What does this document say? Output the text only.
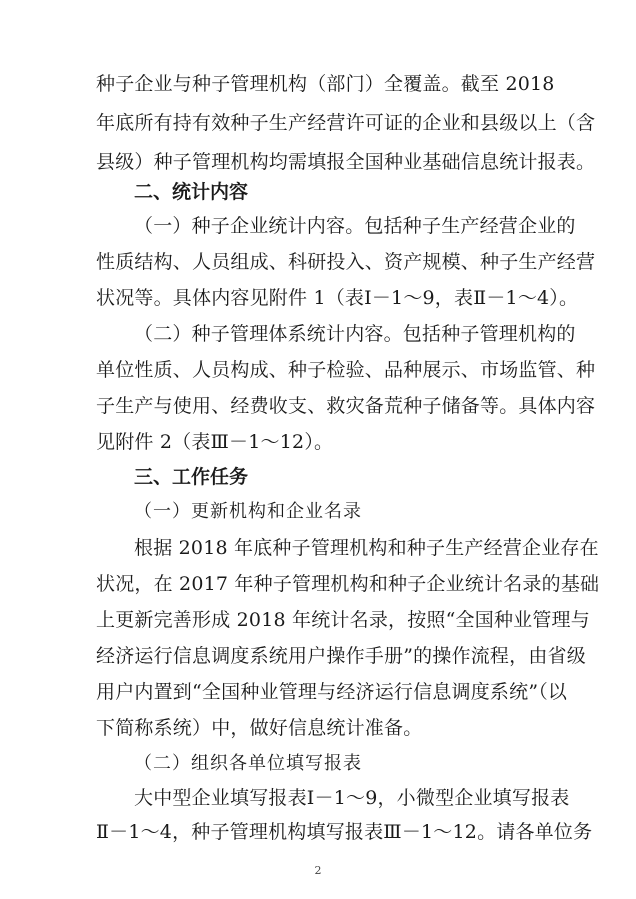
种子企业与种子管理机构（部门）全覆盖。截至 2018
年底所有持有效种子生产经营许可证的企业和县级以上（含
县级）种子管理机构均需填报全国种业基础信息统计报表。
二、统计内容
（一）种子企业统计内容。包括种子生产经营企业的
性质结构、人员组成、科研投入、资产规模、种子生产经营
状况等。具体内容见附件 1（表Ⅰ－1～9，表Ⅱ－1～4）。
（二）种子管理体系统计内容。包括种子管理机构的
单位性质、人员构成、种子检验、品种展示、市场监管、种
子生产与使用、经费收支、救灾备荒种子储备等。具体内容
见附件 2（表Ⅲ－1～12）。
三、工作任务
（一）更新机构和企业名录
根据 2018 年底种子管理机构和种子生产经营企业存在
状况，在 2017 年种子管理机构和种子企业统计名录的基础
上更新完善形成 2018 年统计名录，按照“全国种业管理与
经济运行信息调度系统用户操作手册”的操作流程，由省级
用户内置到“全国种业管理与经济运行信息调度系统”（以
下简称系统）中，做好信息统计准备。
（二）组织各单位填写报表
大中型企业填写报表Ⅰ－1～9，小微型企业填写报表
Ⅱ－1～4，种子管理机构填写报表Ⅲ－1～12。请各单位务
2
